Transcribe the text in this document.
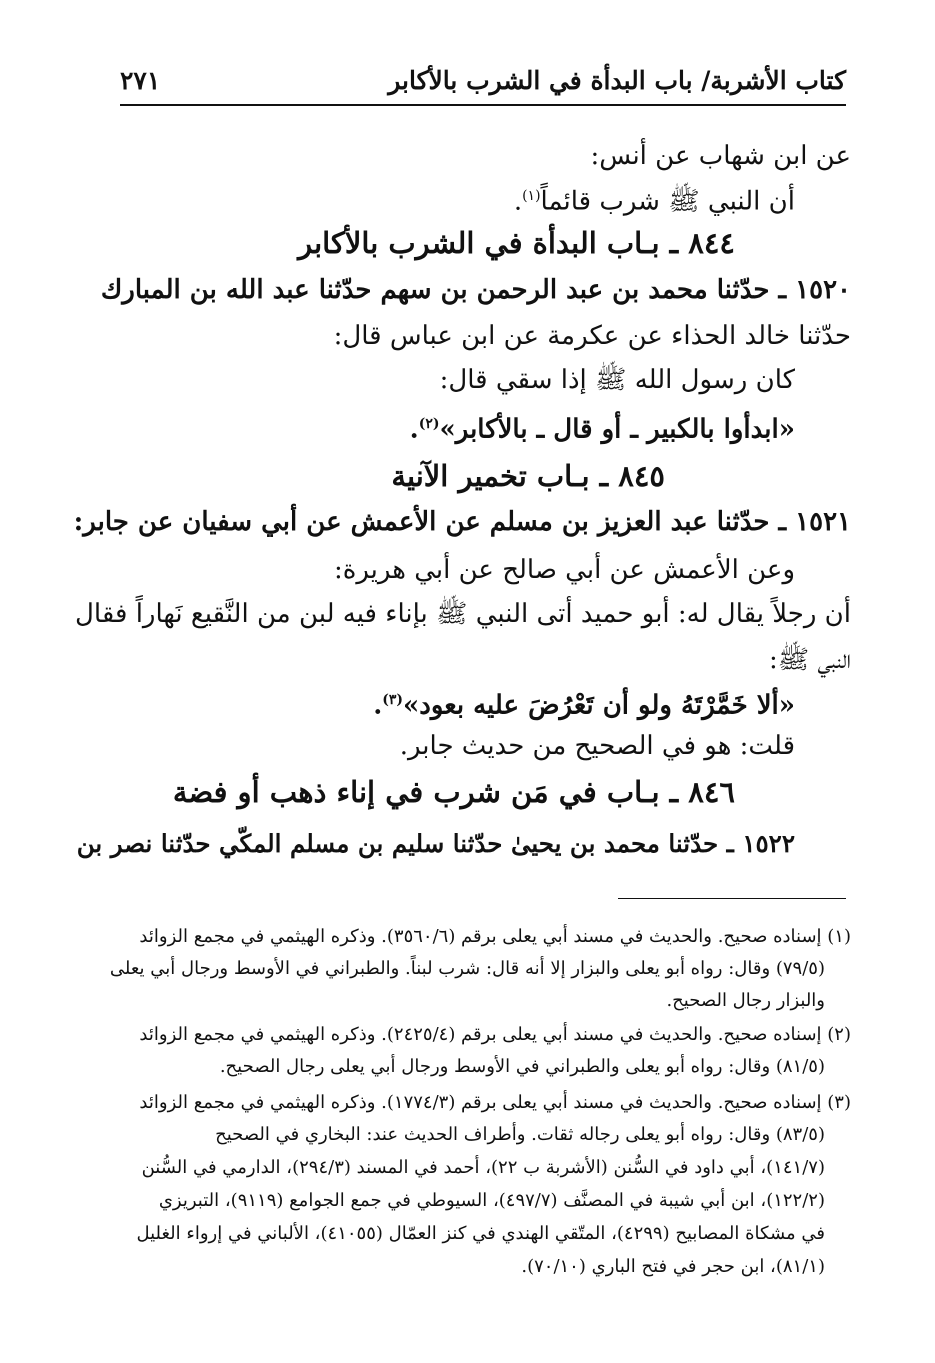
كتاب الأشربة/ باب البدأة في الشرب بالأكابر
٢٧١
عن ابن شهاب عن أنس:
أن النبي ﷺ شرب قائماً$^{(١)}$.
٨٤٤ ـ بـاب البدأة في الشرب بالأكابر
١٥٢٠ ـ حدّثنا محمد بن عبد الرحمن بن سهم حدّثنا عبد الله بن المبارك
حدّثنا خالد الحذاء عن عكرمة عن ابن عباس قال:
كان رسول الله ﷺ إذا سقي قال:
«ابدأوا بالكبير ـ أو قال ـ بالأكابر»$^{(٢)}$.
٨٤٥ ـ بـاب تخمير الآنية
١٥٢١ ـ حدّثنا عبد العزيز بن مسلم عن الأعمش عن أبي سفيان عن جابر:
وعن الأعمش عن أبي صالح عن أبي هريرة:
أن رجلاً يقال له: أبو حميد أتى النبي ﷺ بإناء فيه لبن من النَّقيع نَهاراً فقال
النبي ﷺ:
«ألا خَمَّرْتَهُ ولو أن تَعْرُضَ عليه بعود»$^{(٣)}$.
قلت: هو في الصحيح من حديث جابر.
٨٤٦ ـ بـاب في مَن شرب في إناء ذهب أو فضة
١٥٢٢ ـ حدّثنا محمد بن يحيىٰ حدّثنا سليم بن مسلم المكّي حدّثنا نصر بن
(١) إسناده صحيح. والحديث في مسند أبي يعلى برقم (٣٥٦٠/٦). وذكره الهيثمي في مجمع الزوائد
(٧٩/٥) وقال: رواه أبو يعلى والبزار إلا أنه قال: شرب لبناً. والطبراني في الأوسط ورجال أبي يعلى
والبزار رجال الصحيح.
(٢) إسناده صحيح. والحديث في مسند أبي يعلى برقم (٢٤٢٥/٤). وذكره الهيثمي في مجمع الزوائد
(٨١/٥) وقال: رواه أبو يعلى والطبراني في الأوسط ورجال أبي يعلى رجال الصحيح.
(٣) إسناده صحيح. والحديث في مسند أبي يعلى برقم (١٧٧٤/٣). وذكره الهيثمي في مجمع الزوائد
(٨٣/٥) وقال: رواه أبو يعلى رجاله ثقات. وأطراف الحديث عند: البخاري في الصحيح
(١٤١/٧)، أبي داود في السُّنن (الأشربة ب ٢٢)، أحمد في المسند (٢٩٤/٣)، الدارمي في السُّنن
(١٢٢/٢)، ابن أبي شيبة في المصنَّف (٤٩٧/٧)، السيوطي في جمع الجوامع (٩١١٩)، التبريزي
في مشكاة المصابيح (٤٢٩٩)، المتّقي الهندي في كنز العمّال (٤١٠٥٥)، الألباني في إرواء الغليل
(٨١/١)، ابن حجر في فتح الباري (٧٠/١٠).
